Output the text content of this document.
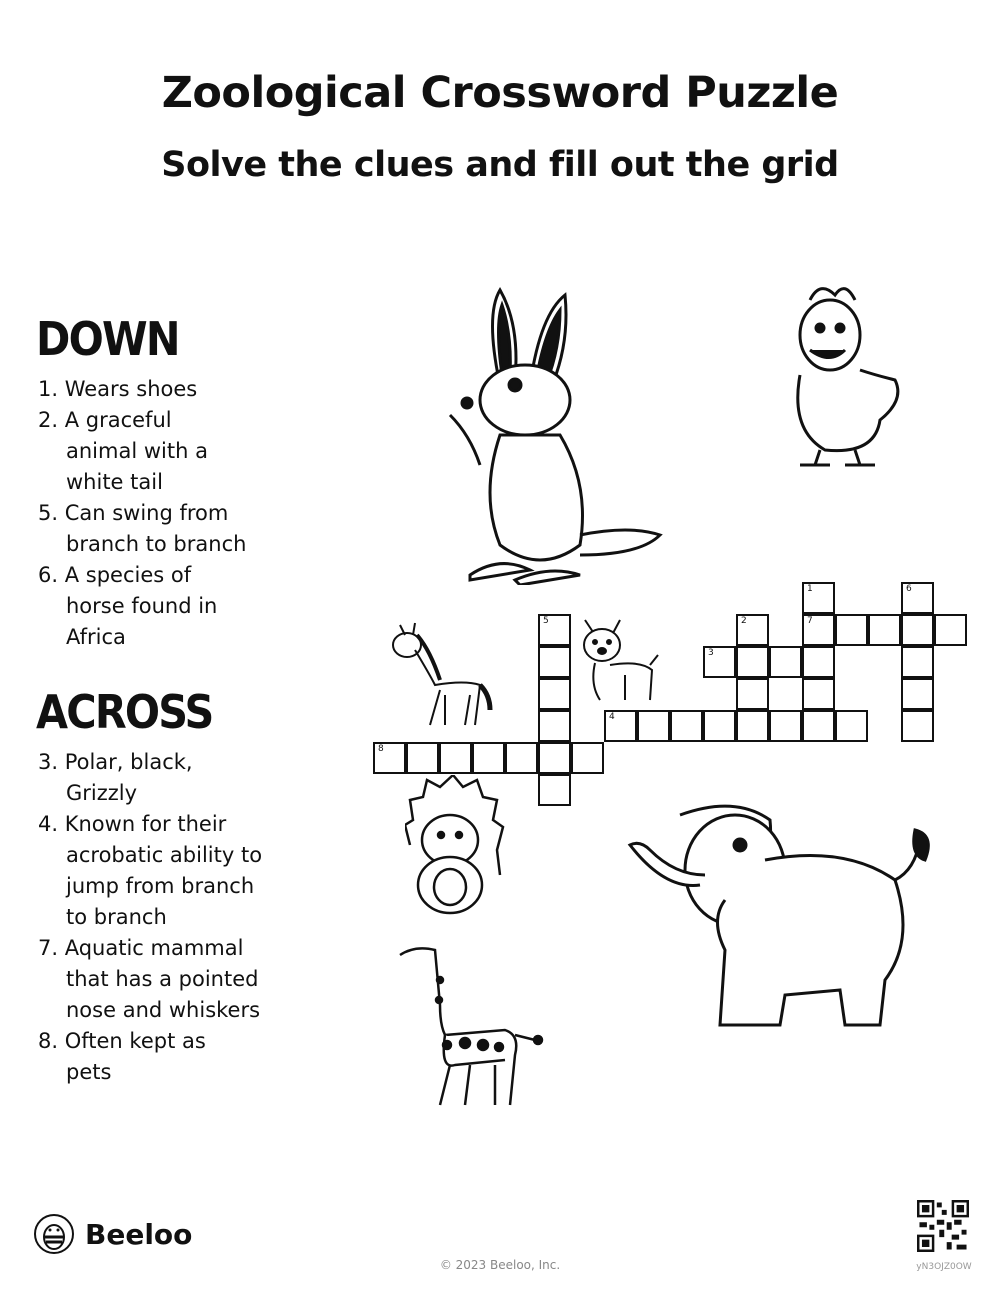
Zoological Crossword Puzzle
Solve the clues and fill out the grid
DOWN
1. Wears shoes
2. A graceful animal with a white tail
5. Can swing from branch to branch
6. A species of horse found in Africa
ACROSS
3. Polar, black, Grizzly
4. Known for their acrobatic ability to jump from branch to branch
7. Aquatic mammal that has a pointed nose and whiskers
8. Often kept as pets
1
7
6
2
5
3
4
8
Beeloo
© 2023 Beeloo, Inc.	yN3OJZ0OW
